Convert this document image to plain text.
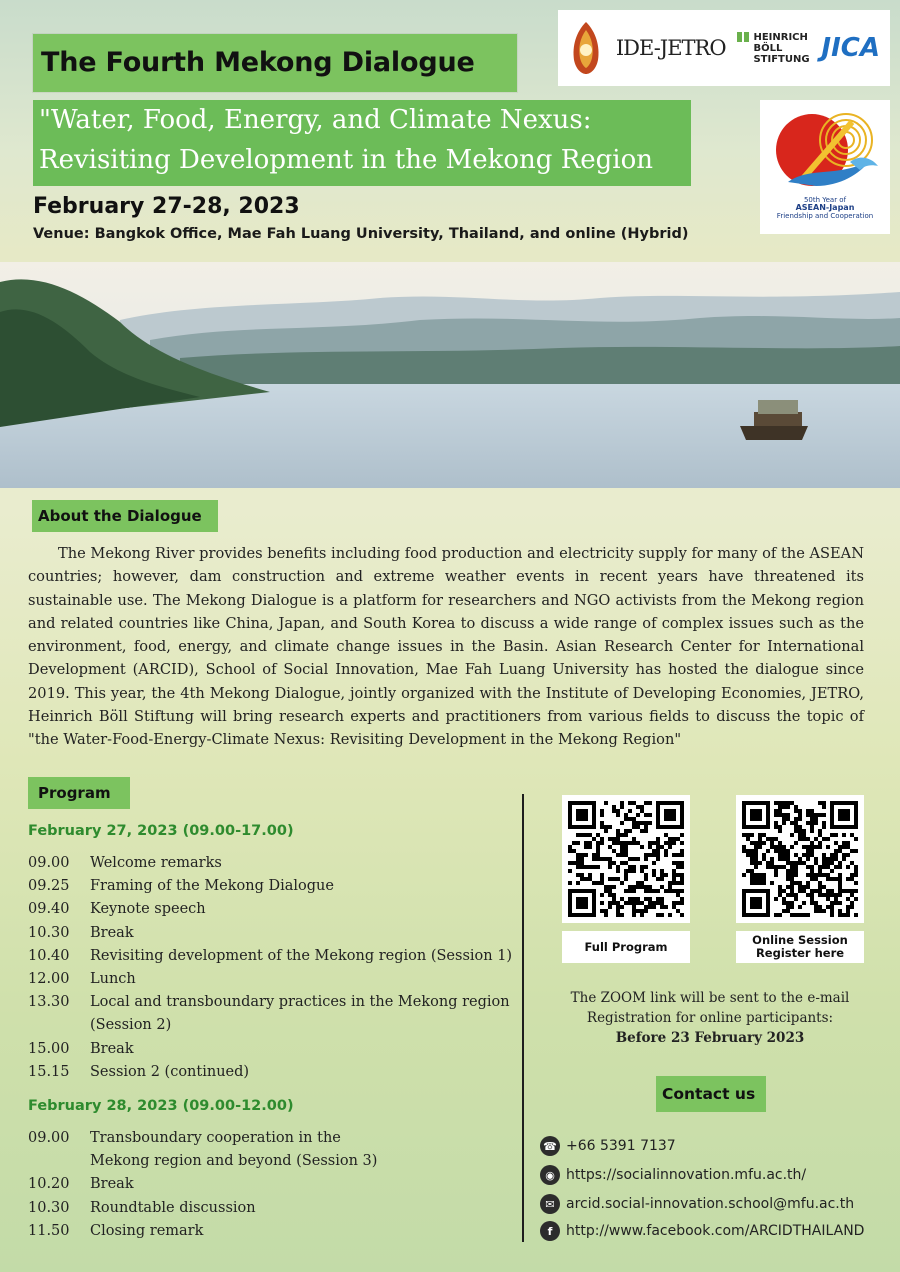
The Fourth Mekong Dialogue
"Water, Food, Energy, and Climate Nexus:
Revisiting Development in the Mekong Region
February 27-28, 2023
Venue: Bangkok Office, Mae Fah Luang University, Thailand, and online (Hybrid)
IDE-JETRO	HEINRICH
BÖLL
STIFTUNG JICA
50th Year of
ASEAN-Japan
Friendship and Cooperation
About the Dialogue
The Mekong River provides benefits including food production and electricity supply for many of the ASEAN countries; however, dam construction and extreme weather events in recent years have threatened its sustainable use. The Mekong Dialogue is a platform for researchers and NGO activists from the Mekong region and related countries like China, Japan, and South Korea to discuss a wide range of complex issues such as the environment, food, energy, and climate change issues in the Basin. Asian Research Center for International Development (ARCID), School of Social Innovation, Mae Fah Luang University has hosted the dialogue since 2019. This year, the 4th Mekong Dialogue, jointly organized with the Institute of Developing Economies, JETRO, Heinrich Böll Stiftung will bring research experts and practitioners from various fields to discuss the topic of "the Water-Food-Energy-Climate Nexus: Revisiting Development in the Mekong Region"
Program
February 27, 2023 (09.00-17.00)
09.00	Welcome remarks
09.25	Framing of the Mekong Dialogue
09.40	Keynote speech
10.30	Break
10.40	Revisiting development of the Mekong region (Session 1)
12.00	Lunch
13.30	Local and transboundary practices in the Mekong region (Session 2)
15.00	Break
15.15	Session 2 (continued)
February 28, 2023 (09.00-12.00)
09.00	Transboundary cooperation in the Mekong region and beyond (Session 3)
10.20	Break
10.30	Roundtable discussion
11.50	Closing remark
Full Program	Online Session
Register here
The ZOOM link will be sent to the e-mail
Registration for online participants:
Before 23 February 2023
Contact us
☎ +66 5391 7137
◉ https://socialinnovation.mfu.ac.th/
✉ arcid.social-innovation.school@mfu.ac.th
f http://www.facebook.com/ARCIDTHAILAND
